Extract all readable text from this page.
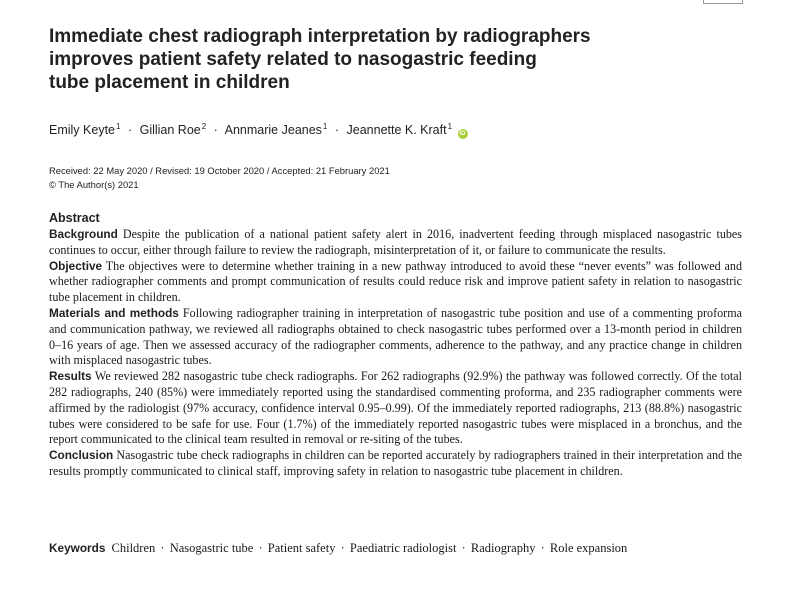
Immediate chest radiograph interpretation by radiographers
improves patient safety related to nasogastric feeding
tube placement in children
Emily Keyte$^1$ · Gillian Roe$^2$ · Annmarie Jeanes$^1$ · Jeannette K. Kraft$^1$ iD
Received: 22 May 2020 / Revised: 19 October 2020 / Accepted: 21 February 2021
© The Author(s) 2021
Abstract

Background Despite the publication of a national patient safety alert in 2016, inadvertent feeding through misplaced nasogastric tubes continues to occur, either through failure to review the radiograph, misinterpretation of it, or failure to communicate the results.

Objective The objectives were to determine whether training in a new pathway introduced to avoid these “never events” was followed and whether radiographer comments and prompt communication of results could reduce risk and improve patient safety in relation to nasogastric tube placement in children.

Materials and methods Following radiographer training in interpretation of nasogastric tube position and use of a commenting proforma and communication pathway, we reviewed all radiographs obtained to check nasogastric tubes performed over a 13-month period in children 0–16 years of age. Then we assessed accuracy of the radiographer comments, adherence to the pathway, and any practice change in children with misplaced nasogastric tubes.

Results We reviewed 282 nasogastric tube check radiographs. For 262 radiographs (92.9%) the pathway was followed correctly. Of the total 282 radiographs, 240 (85%) were immediately reported using the standardised commenting proforma, and 235 radiographer comments were affirmed by the radiologist (97% accuracy, confidence interval 0.95–0.99). Of the immediately reported radiographs, 213 (88.8%) nasogastric tubes were considered to be safe for use. Four (1.7%) of the immediately reported nasogastric tubes were misplaced in a bronchus, and the report communicated to the clinical team resulted in removal or re-siting of the tubes.

Conclusion Nasogastric tube check radiographs in children can be reported accurately by radiographers trained in their interpretation and the results promptly communicated to clinical staff, improving safety in relation to nasogastric tube placement in children.

Keywords Children · Nasogastric tube · Patient safety · Paediatric radiologist · Radiography · Role expansion
